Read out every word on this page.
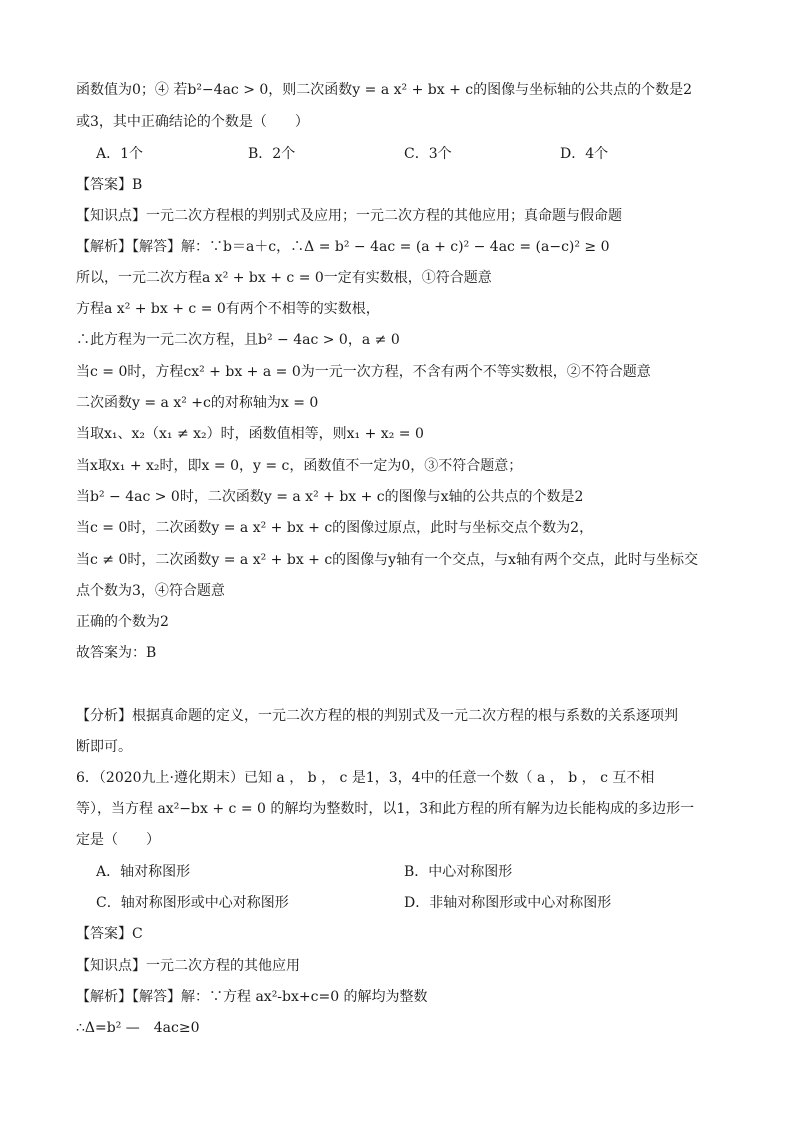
函数值为0；④ 若b²−4ac > 0，则二次函数y = a x² + bx + c的图像与坐标轴的公共点的个数是2
或3，其中正确结论的个数是（　　）
A．1个	B．2个	C．3个	D．4个
【答案】B
【知识点】一元二次方程根的判别式及应用；一元二次方程的其他应用；真命题与假命题
【解析】【解答】解：∵b＝a＋c，∴Δ = b² − 4ac = (a + c)² − 4ac = (a−c)² ≥ 0
所以，一元二次方程a x² + bx + c = 0一定有实数根，①符合题意
方程a x² + bx + c = 0有两个不相等的实数根，
∴此方程为一元二次方程，且b² − 4ac > 0，a ≠ 0
当c = 0时，方程cx² + bx + a = 0为一元一次方程，不含有两个不等实数根，②不符合题意
二次函数y = a x² +c的对称轴为x = 0
当取x₁、x₂（x₁ ≠ x₂）时，函数值相等，则x₁ + x₂ = 0
当x取x₁ + x₂时，即x = 0，y = c，函数值不一定为0，③不符合题意；
当b² − 4ac > 0时，二次函数y = a x² + bx + c的图像与x轴的公共点的个数是2
当c = 0时，二次函数y = a x² + bx + c的图像过原点，此时与坐标交点个数为2，
当c ≠ 0时，二次函数y = a x² + bx + c的图像与y轴有一个交点，与x轴有两个交点，此时与坐标交
点个数为3，④符合题意
正确的个数为2
故答案为：B
【分析】根据真命题的定义，一元二次方程的根的判别式及一元二次方程的根与系数的关系逐项判
断即可。
6．（2020九上·遵化期末）已知 a ， b ， c 是1，3，4中的任意一个数（ a ， b ， c 互不相
等），当方程 ax²−bx + c = 0 的解均为整数时，以1，3和此方程的所有解为边长能构成的多边形一
定是（　　）
A．轴对称图形	B．中心对称图形
C．轴对称图形或中心对称图形	D．非轴对称图形或中心对称图形
【答案】C
【知识点】一元二次方程的其他应用
【解析】【解答】解：∵方程 ax²-bx+c=0 的解均为整数
∴Δ=b² —　4ac≥0
